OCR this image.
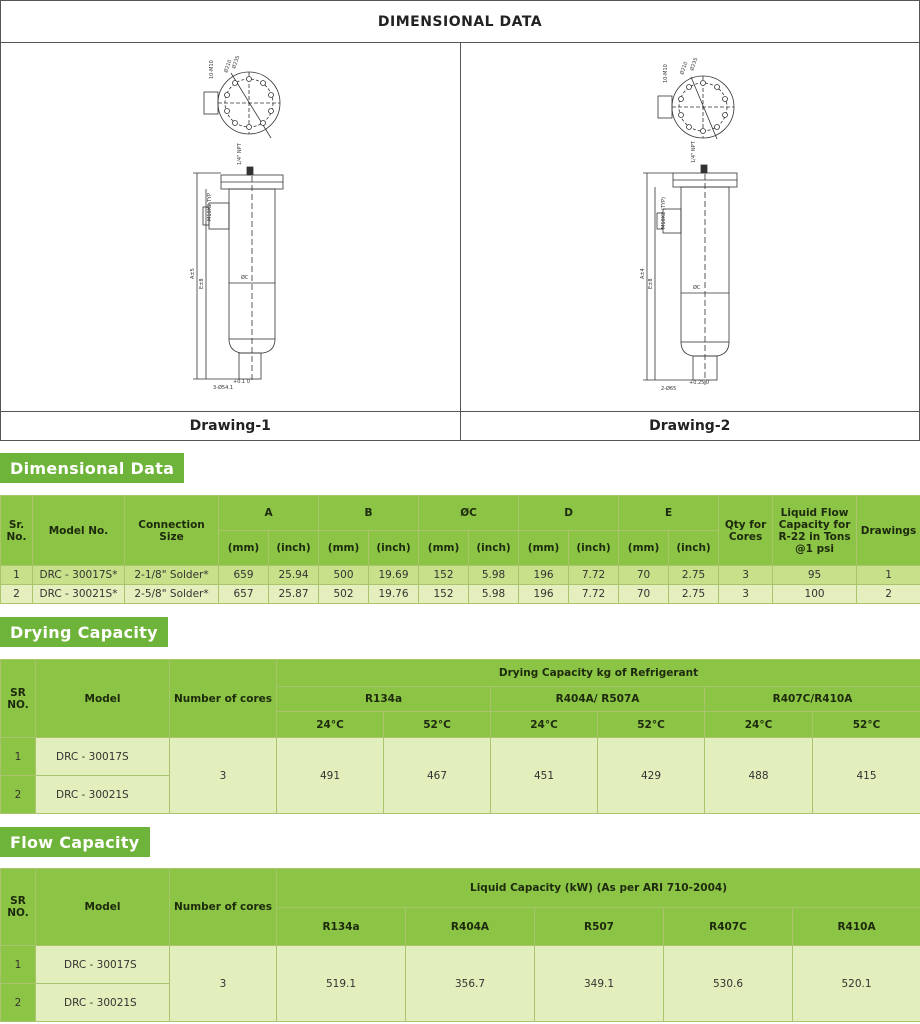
DIMENSIONAL DATA
10-M10 Ø210
Ø235
1/4" NPT
M10X2 TYP
A±5
E±8
ØC
3-Ø54.1
+0.1 0
10-M10 Ø210 Ø235
1/4" NPT
M10X2 (TYP)
A±4
E±8	ØC
2-Ø65
+0.25 0
Drawing-1	Drawing-2
Dimensional Data
Sr. No.	Model No.	Connection Size	A		B		ØC		D		E		Qty for Cores	Liquid Flow Capacity for R-22 in Tons @1 psi	Drawings
			(mm)	(inch)	(mm)	(inch)	(mm)	(inch)	(mm)	(inch)	(mm)	(inch)			
1	DRC - 30017S*	2-1/8" Solder*	659	25.94	500	19.69	152	5.98	196	7.72	70	2.75	3	95	1
2	DRC - 30021S*	2-5/8" Solder*	657	25.87	502	19.76	152	5.98	196	7.72	70	2.75	3	100	2
Drying Capacity
SR NO.	Model	Number of cores	Drying Capacity kg of Refrigerant					
			R134a		R404A/ R507A		R407C/R410A	
			24°C	52°C	24°C	52°C	24°C	52°C
1	DRC - 30017S	3	491	467	451	429	488	415
2	DRC - 30021S							
Flow Capacity
SR NO.	Model	Number of cores	Liquid Capacity (kW) (As per ARI 710-2004)				
			R134a	R404A	R507	R407C	R410A
1	DRC - 30017S	3	519.1	356.7	349.1	530.6	520.1
2	DRC - 30021S						
